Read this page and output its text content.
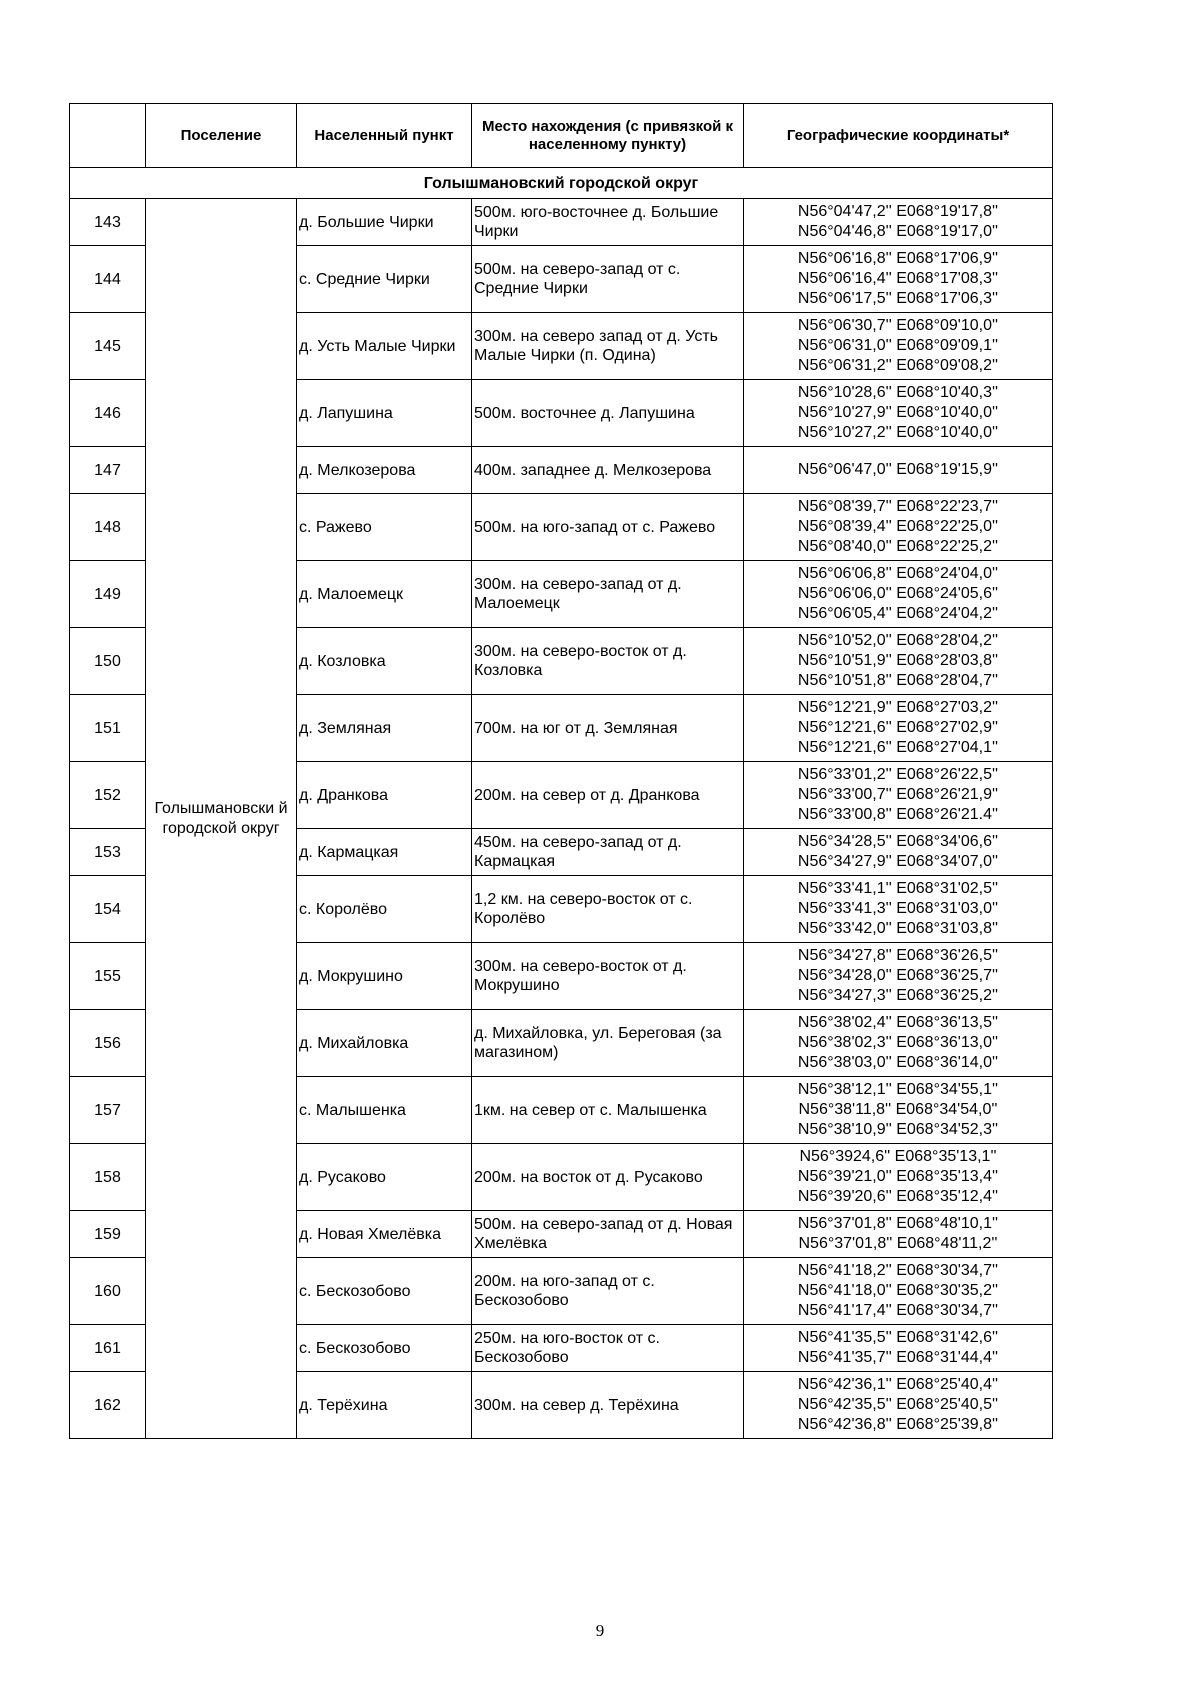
	Поселение	Населенный пункт	Место нахождения (с привязкой к населенному пункту)	Географические координаты*
Голышмановский городской округ				
143	Голышмановски й городской округ	д. Большие Чирки	500м. юго-восточнее д. Большие Чирки	N56°04'47,2'' E068°19'17,8''
N56°04'46,8'' E068°19'17,0''

144		с. Средние Чирки	500м. на северо-запад от с. Средние Чирки	N56°06'16,8'' E068°17'06,9''
N56°06'16,4'' E068°17'08,3''
N56°06'17,5'' E068°17'06,3''

145		д. Усть Малые Чирки	300м. на северо запад от д. Усть Малые Чирки (п. Одина)	N56°06'30,7'' E068°09'10,0''
N56°06'31,0'' E068°09'09,1''
N56°06'31,2'' E068°09'08,2''

146		д. Лапушина	500м. восточнее д. Лапушина	N56°10'28,6'' E068°10'40,3''
N56°10'27,9'' E068°10'40,0''
N56°10'27,2'' E068°10'40,0''

147		д. Мелкозерова	400м. западнее д. Мелкозерова	N56°06'47,0'' E068°19'15,9''

148		с. Ражево	500м. на юго-запад от с. Ражево	N56°08'39,7'' E068°22'23,7''
N56°08'39,4'' E068°22'25,0''
N56°08'40,0'' E068°22'25,2''

149		д. Малоемецк	300м. на северо-запад от д. Малоемецк	N56°06'06,8'' E068°24'04,0''
N56°06'06,0'' E068°24'05,6''
N56°06'05,4'' E068°24'04,2''

150		д. Козловка	300м. на северо-восток от д. Козловка	N56°10'52,0'' E068°28'04,2''
N56°10'51,9'' E068°28'03,8''
N56°10'51,8'' E068°28'04,7''

151		д. Земляная	700м. на юг от д. Земляная	N56°12'21,9'' E068°27'03,2''
N56°12'21,6'' E068°27'02,9''
N56°12'21,6'' E068°27'04,1''

152		д. Дранкова	200м. на север от д. Дранкова	N56°33'01,2'' E068°26'22,5''
N56°33'00,7'' E068°26'21,9''
N56°33'00,8'' E068°26'21.4''

153		д. Кармацкая	450м. на северо-запад от д. Кармацкая	N56°34'28,5'' E068°34'06,6''
N56°34'27,9'' E068°34'07,0''

154		с. Королёво	1,2 км. на северо-восток от с. Королёво	N56°33'41,1'' E068°31'02,5''
N56°33'41,3'' E068°31'03,0''
N56°33'42,0'' E068°31'03,8''

155		д. Мокрушино	300м. на северо-восток от д. Мокрушино	N56°34'27,8'' E068°36'26,5''
N56°34'28,0'' E068°36'25,7''
N56°34'27,3'' E068°36'25,2''

156		д. Михайловка	д. Михайловка, ул. Береговая (за магазином)	N56°38'02,4'' E068°36'13,5''
N56°38'02,3'' E068°36'13,0''
N56°38'03,0'' E068°36'14,0''

157		с. Малышенка	1км. на север от с. Малышенка	N56°38'12,1'' E068°34'55,1''
N56°38'11,8'' E068°34'54,0''
N56°38'10,9'' E068°34'52,3''

158		д. Русаково	200м. на восток от д. Русаково	N56°3924,6'' E068°35'13,1''
N56°39'21,0'' E068°35'13,4''
N56°39'20,6'' E068°35'12,4''

159		д. Новая Хмелёвка	500м. на северо-запад от д. Новая Хмелёвка	N56°37'01,8'' E068°48'10,1''
N56°37'01,8'' E068°48'11,2''

160		с. Бескозобово	200м. на юго-запад от с. Бескозобово	N56°41'18,2'' E068°30'34,7''
N56°41'18,0'' E068°30'35,2''
N56°41'17,4'' E068°30'34,7''

161		с. Бескозобово	250м. на юго-восток от с. Бескозобово	N56°41'35,5'' E068°31'42,6''
N56°41'35,7'' E068°31'44,4''

162		д. Терёхина	300м. на север д. Терёхина	N56°42'36,1'' E068°25'40,4''
N56°42'35,5'' E068°25'40,5''
N56°42'36,8'' E068°25'39,8''
9
